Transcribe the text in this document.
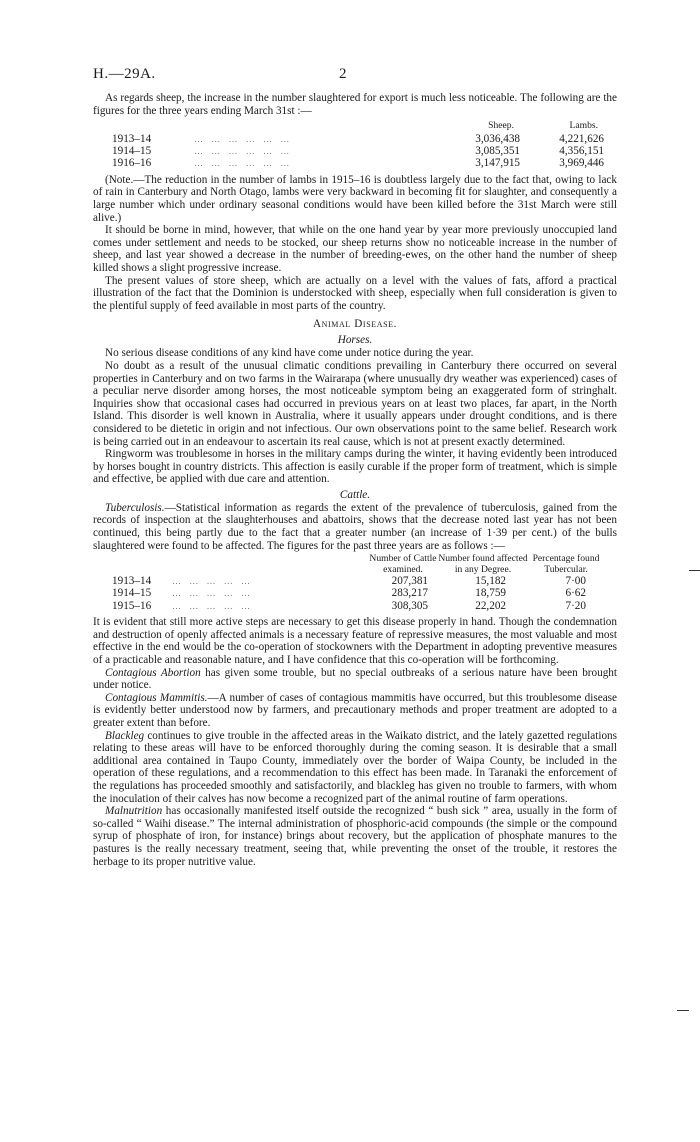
H.—29A.	2

As regards sheep, the increase in the number slaughtered for export is much less noticeable. The following are the figures for the three years ending March 31st :—

		Sheep.	Lambs.
1913–14	… … … … … …	3,036,438	4,221,626
1914–15	… … … … … …	3,085,351	4,356,151
1916–16	… … … … … …	3,147,915	3,969,446

(Note.—The reduction in the number of lambs in 1915–16 is doubtless largely due to the fact that, owing to lack of rain in Canterbury and North Otago, lambs were very backward in becoming fit for slaughter, and consequently a large number which under ordinary seasonal conditions would have been killed before the 31st March were still alive.)

It should be borne in mind, however, that while on the one hand year by year more previously unoccupied land comes under settlement and needs to be stocked, our sheep returns show no noticeable increase in the number of sheep, and last year showed a decrease in the number of breeding-ewes, on the other hand the number of sheep killed shows a slight progressive increase.

The present values of store sheep, which are actually on a level with the values of fats, afford a practical illustration of the fact that the Dominion is understocked with sheep, especially when full consideration is given to the plentiful supply of feed available in most parts of the country.

Animal Disease.
Horses.

No serious disease conditions of any kind have come under notice during the year.

No doubt as a result of the unusual climatic conditions prevailing in Canterbury there occurred on several properties in Canterbury and on two farms in the Wairarapa (where unusually dry weather was experienced) cases of a peculiar nerve disorder among horses, the most noticeable symptom being an exaggerated form of stringhalt. Inquiries show that occasional cases had occurred in previous years on at least two places, far apart, in the North Island. This disorder is well known in Australia, where it usually appears under drought conditions, and is there considered to be dietetic in origin and not infectious. Our own observations point to the same belief. Research work is being carried out in an endeavour to ascertain its real cause, which is not at present exactly determined.

Ringworm was troublesome in horses in the military camps during the winter, it having evidently been introduced by horses bought in country districts. This affection is easily curable if the proper form of treatment, which is simple and effective, be applied with due care and attention.

Cattle.

Tuberculosis.—Statistical information as regards the extent of the prevalence of tuberculosis, gained from the records of inspection at the slaughterhouses and abattoirs, shows that the decrease noted last year has not been continued, this being partly due to the fact that a greater number (an increase of 1·39 per cent.) of the bulls slaughtered were found to be affected. The figures for the past three years are as follows :—

		Number of Cattle examined.	Number found affected in any Degree.	Percentage found Tubercular.
1913–14	… … … … …	207,381	15,182	7·00
1914–15	… … … … …	283,217	18,759	6·62
1915–16	… … … … …	308,305	22,202	7·20

It is evident that still more active steps are necessary to get this disease properly in hand. Though the condemnation and destruction of openly affected animals is a necessary feature of repressive measures, the most valuable and most effective in the end would be the co-operation of stockowners with the Department in adopting preventive measures of a practicable and reasonable nature, and I have confidence that this co-operation will be forthcoming.

Contagious Abortion has given some trouble, but no special outbreaks of a serious nature have been brought under notice.

Contagious Mammitis.—A number of cases of contagious mammitis have occurred, but this troublesome disease is evidently better understood now by farmers, and precautionary methods and proper treatment are adopted to a greater extent than before.

Blackleg continues to give trouble in the affected areas in the Waikato district, and the lately gazetted regulations relating to these areas will have to be enforced thoroughly during the coming season. It is desirable that a small additional area contained in Taupo County, immediately over the border of Waipa County, be included in the operation of these regulations, and a recommendation to this effect has been made. In Taranaki the enforcement of the regulations has proceeded smoothly and satisfactorily, and blackleg has given no trouble to farmers, with whom the inoculation of their calves has now become a recognized part of the animal routine of farm operations.

Malnutrition has occasionally manifested itself outside the recognized “ bush sick ” area, usually in the form of so-called “ Waihi disease.” The internal administration of phosphoric-acid compounds (the simple or the compound syrup of phosphate of iron, for instance) brings about recovery, but the application of phosphate manures to the pastures is the really necessary treatment, seeing that, while preventing the onset of the trouble, it restores the herbage to its proper nutritive value.
